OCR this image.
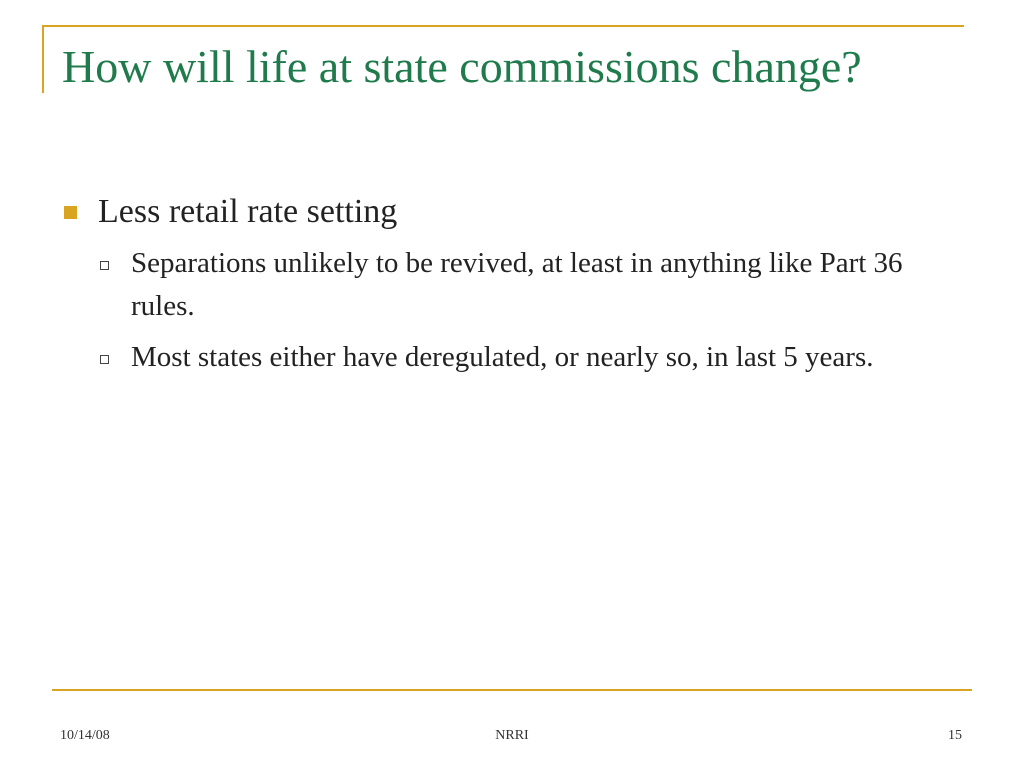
How will life at state commissions change?
Less retail rate setting
Separations unlikely to be revived, at least in anything like Part 36 rules.
Most states either have deregulated, or nearly so, in last 5 years.
10/14/08	NRRI	15
